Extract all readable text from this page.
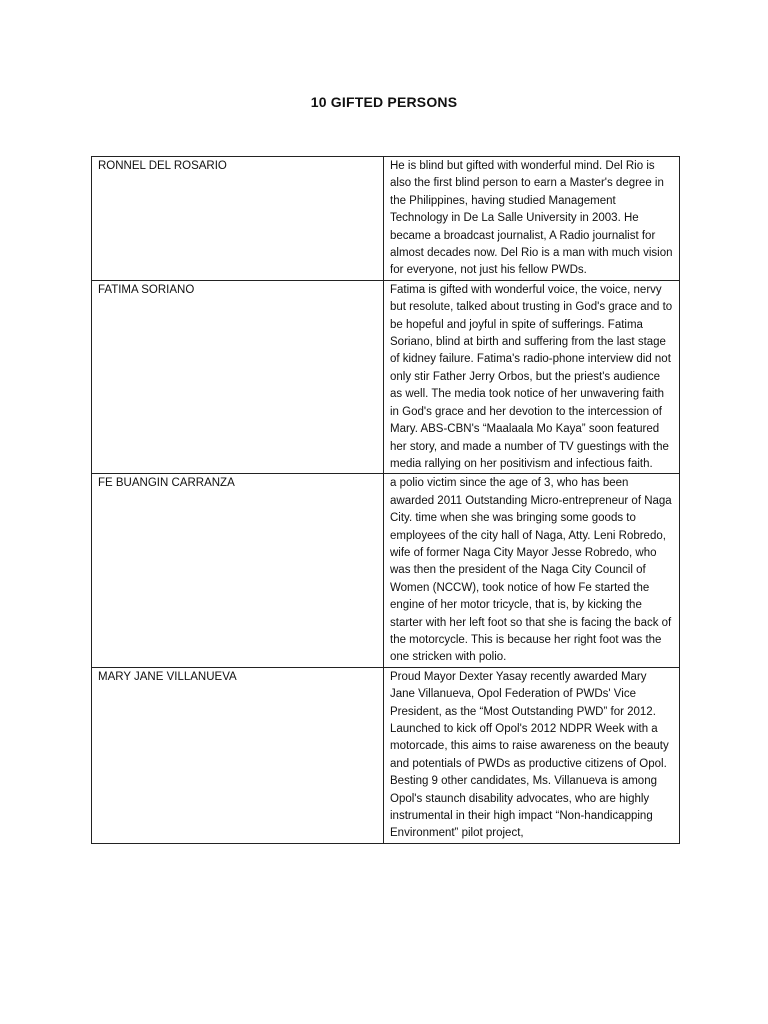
10 GIFTED PERSONS
RONNEL DEL ROSARIO	He is blind but gifted with wonderful mind. Del Rio is also the first blind person to earn a Master's degree in the Philippines, having studied Management Technology in De La Salle University in 2003. He became a broadcast journalist, A Radio journalist for almost decades now. Del Rio is a man with much vision for everyone, not just his fellow PWDs.
FATIMA SORIANO	Fatima is gifted with wonderful voice, the voice, nervy but resolute, talked about trusting in God's grace and to be hopeful and joyful in spite of sufferings. Fatima Soriano, blind at birth and suffering from the last stage of kidney failure. Fatima's radio-phone interview did not only stir Father Jerry Orbos, but the priest's audience as well. The media took notice of her unwavering faith in God's grace and her devotion to the intercession of Mary. ABS-CBN's “Maalaala Mo Kaya” soon featured her story, and made a number of TV guestings with the media rallying on her positivism and infectious faith.
FE BUANGIN CARRANZA	a polio victim since the age of 3, who has been awarded 2011 Outstanding Micro-entrepreneur of Naga City. time when she was bringing some goods to employees of the city hall of Naga, Atty. Leni Robredo, wife of former Naga City Mayor Jesse Robredo, who was then the president of the Naga City Council of Women (NCCW), took notice of how Fe started the engine of her motor tricycle, that is, by kicking the starter with her left foot so that she is facing the back of the motorcycle. This is because her right foot was the one stricken with polio.
MARY JANE VILLANUEVA	Proud Mayor Dexter Yasay recently awarded Mary Jane Villanueva, Opol Federation of PWDs' Vice President, as the “Most Outstanding PWD” for 2012. Launched to kick off Opol's 2012 NDPR Week with a motorcade, this aims to raise awareness on the beauty and potentials of PWDs as productive citizens of Opol.
Besting 9 other candidates, Ms. Villanueva is among Opol's staunch disability advocates, who are highly instrumental in their high impact “Non-handicapping Environment” pilot project,
